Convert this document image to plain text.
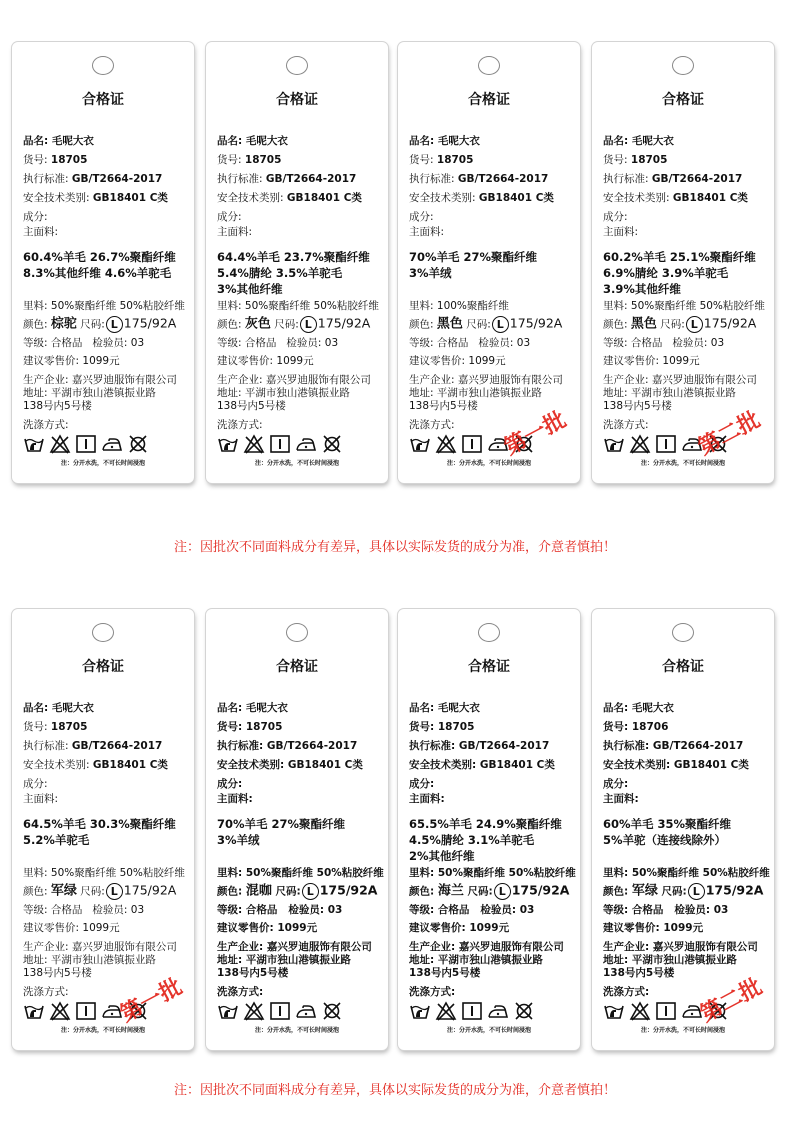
合格证
品名: 毛呢大衣
货号: 18705
执行标准: GB/T2664-2017
安全技术类别: GB18401 C类
成分:
主面料:
60.4%羊毛 26.7%聚酯纤维
8.3%其他纤维 4.6%羊驼毛
里料: 50%聚酯纤维 50%粘胶纤维
颜色: 棕驼 尺码: L 175/92A
等级: 合格品 检验员: 03
建议零售价: 1099元
生产企业: 嘉兴罗迪服饰有限公司
地址: 平湖市独山港镇振业路
138号内5号楼
洗涤方式:
注：分开水洗，不可长时间浸泡
合格证
品名: 毛呢大衣
货号: 18705
执行标准: GB/T2664-2017
安全技术类别: GB18401 C类
成分:
主面料:
64.4%羊毛 23.7%聚酯纤维
5.4%腈纶 3.5%羊驼毛
3%其他纤维
里料: 50%聚酯纤维 50%粘胶纤维
颜色: 灰色 尺码: L 175/92A
等级: 合格品 检验员: 03
建议零售价: 1099元
生产企业: 嘉兴罗迪服饰有限公司
地址: 平湖市独山港镇振业路
138号内5号楼
洗涤方式:
注：分开水洗，不可长时间浸泡
合格证
品名: 毛呢大衣
货号: 18705
执行标准: GB/T2664-2017
安全技术类别: GB18401 C类
成分:
主面料:
70%羊毛 27%聚酯纤维
3%羊绒
里料: 100%聚酯纤维
颜色: 黑色 尺码: L 175/92A
等级: 合格品 检验员: 03
建议零售价: 1099元
生产企业: 嘉兴罗迪服饰有限公司
地址: 平湖市独山港镇振业路
138号内5号楼
洗涤方式:
注：分开水洗，不可长时间浸泡
第一批
合格证
品名: 毛呢大衣
货号: 18705
执行标准: GB/T2664-2017
安全技术类别: GB18401 C类
成分:
主面料:
60.2%羊毛 25.1%聚酯纤维
6.9%腈纶 3.9%羊驼毛
3.9%其他纤维
里料: 50%聚酯纤维 50%粘胶纤维
颜色: 黑色 尺码: L 175/92A
等级: 合格品 检验员: 03
建议零售价: 1099元
生产企业: 嘉兴罗迪服饰有限公司
地址: 平湖市独山港镇振业路
138号内5号楼
洗涤方式:
注：分开水洗，不可长时间浸泡
第二批
注：因批次不同面料成分有差异，具体以实际发货的成分为准，介意者慎拍！
合格证
品名: 毛呢大衣
货号: 18705
执行标准: GB/T2664-2017
安全技术类别: GB18401 C类
成分:
主面料:
64.5%羊毛 30.3%聚酯纤维
5.2%羊驼毛
里料: 50%聚酯纤维 50%粘胶纤维
颜色: 军绿 尺码: L 175/92A
等级: 合格品 检验员: 03
建议零售价: 1099元
生产企业: 嘉兴罗迪服饰有限公司
地址: 平湖市独山港镇振业路
138号内5号楼
洗涤方式:
注：分开水洗，不可长时间浸泡
第一批
合格证
品名: 毛呢大衣
货号: 18705
执行标准: GB/T2664-2017
安全技术类别: GB18401 C类
成分:
主面料:
70%羊毛 27%聚酯纤维
3%羊绒
里料: 50%聚酯纤维 50%粘胶纤维
颜色: 混咖 尺码: L 175/92A
等级: 合格品 检验员: 03
建议零售价: 1099元
生产企业: 嘉兴罗迪服饰有限公司
地址: 平湖市独山港镇振业路
138号内5号楼
洗涤方式:
注：分开水洗，不可长时间浸泡
合格证
品名: 毛呢大衣
货号: 18705
执行标准: GB/T2664-2017
安全技术类别: GB18401 C类
成分:
主面料:
65.5%羊毛 24.9%聚酯纤维
4.5%腈纶 3.1%羊驼毛
2%其他纤维
里料: 50%聚酯纤维 50%粘胶纤维
颜色: 海兰 尺码: L 175/92A
等级: 合格品 检验员: 03
建议零售价: 1099元
生产企业: 嘉兴罗迪服饰有限公司
地址: 平湖市独山港镇振业路
138号内5号楼
洗涤方式:
注：分开水洗，不可长时间浸泡
合格证
品名: 毛呢大衣
货号: 18706
执行标准: GB/T2664-2017
安全技术类别: GB18401 C类
成分:
主面料:
60%羊毛 35%聚酯纤维
5%羊驼（连接线除外）
里料: 50%聚酯纤维 50%粘胶纤维
颜色: 军绿 尺码: L 175/92A
等级: 合格品 检验员: 03
建议零售价: 1099元
生产企业: 嘉兴罗迪服饰有限公司
地址: 平湖市独山港镇振业路
138号内5号楼
洗涤方式:
注：分开水洗，不可长时间浸泡
第二批
注：因批次不同面料成分有差异，具体以实际发货的成分为准，介意者慎拍！
